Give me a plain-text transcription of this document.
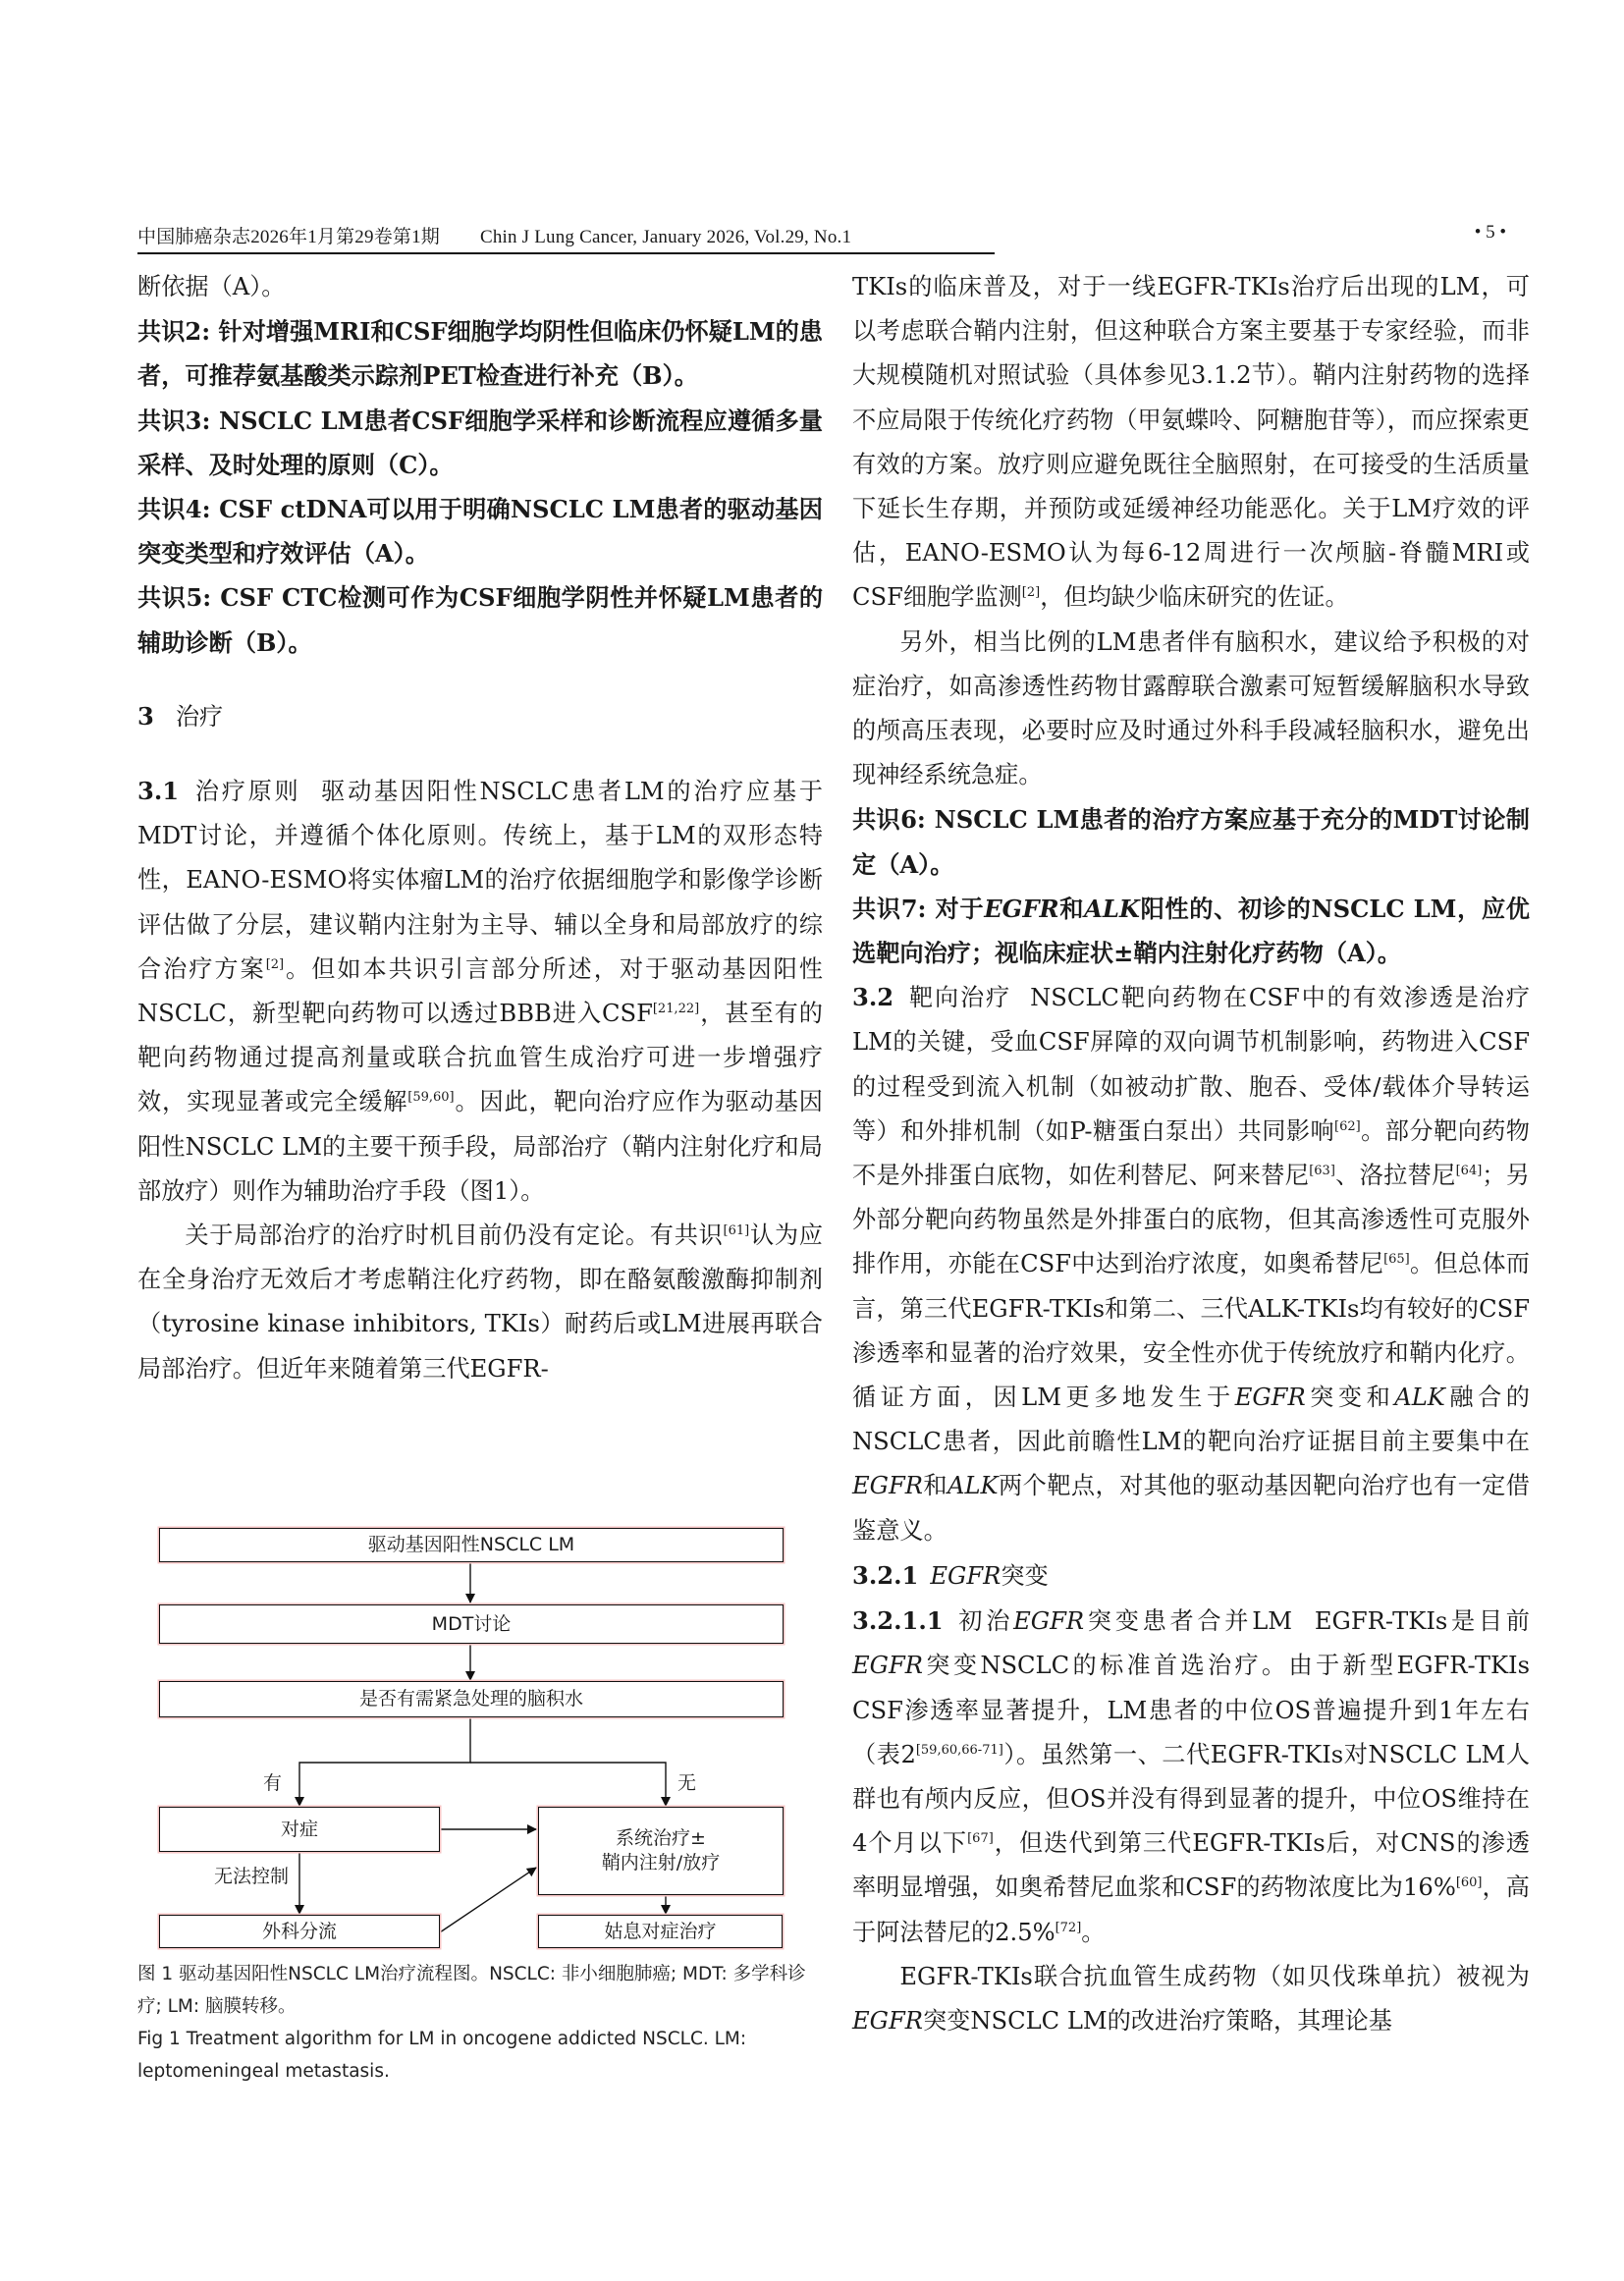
中国肺癌杂志2026年1月第29卷第1期 Chin J Lung Cancer, January 2026, Vol.29, No.1	• 5 •

断依据（A）。

共识2: 针对增强MRI和CSF细胞学均阴性但临床仍怀疑LM的患者，可推荐氨基酸类示踪剂PET检查进行补充（B）。

共识3: NSCLC LM患者CSF细胞学采样和诊断流程应遵循多量采样、及时处理的原则（C）。

共识4: CSF ctDNA可以用于明确NSCLC LM患者的驱动基因突变类型和疗效评估（A）。

共识5: CSF CTC检测可作为CSF细胞学阴性并怀疑LM患者的辅助诊断（B）。

3 治疗

3.1 治疗原则 驱动基因阳性NSCLC患者LM的治疗应基于MDT讨论，并遵循个体化原则。传统上，基于LM的双形态特性，EANO-ESMO将实体瘤LM的治疗依据细胞学和影像学诊断评估做了分层，建议鞘内注射为主导、辅以全身和局部放疗的综合治疗方案[2]。但如本共识引言部分所述，对于驱动基因阳性NSCLC，新型靶向药物可以透过BBB进入CSF[21,22]，甚至有的靶向药物通过提高剂量或联合抗血管生成治疗可进一步增强疗效，实现显著或完全缓解[59,60]。因此，靶向治疗应作为驱动基因阳性NSCLC LM的主要干预手段，局部治疗（鞘内注射化疗和局部放疗）则作为辅助治疗手段（图1）。

关于局部治疗的治疗时机目前仍没有定论。有共识[61]认为应在全身治疗无效后才考虑鞘注化疗药物，即在酪氨酸激酶抑制剂（tyrosine kinase inhibitors, TKIs）耐药后或LM进展再联合局部治疗。但近年来随着第三代EGFR-

驱动基因阳性NSCLC LM
MDT讨论
是否有需紧急处理的脑积水
有	无
对症	系统治疗±
鞘内注射/放疗
无法控制
外科分流	姑息对症治疗

图 1 驱动基因阳性NSCLC LM治疗流程图。NSCLC: 非小细胞肺癌; MDT: 多学科诊疗; LM: 脑膜转移。

Fig 1 Treatment algorithm for LM in oncogene addicted NSCLC. LM: leptomeningeal metastasis.

TKIs的临床普及，对于一线EGFR-TKIs治疗后出现的LM，可以考虑联合鞘内注射，但这种联合方案主要基于专家经验，而非大规模随机对照试验（具体参见3.1.2节）。鞘内注射药物的选择不应局限于传统化疗药物（甲氨蝶呤、阿糖胞苷等），而应探索更有效的方案。放疗则应避免既往全脑照射，在可接受的生活质量下延长生存期，并预防或延缓神经功能恶化。关于LM疗效的评估，EANO-ESMO认为每6-12周进行一次颅脑-脊髓MRI或CSF细胞学监测[2]，但均缺少临床研究的佐证。

另外，相当比例的LM患者伴有脑积水，建议给予积极的对症治疗，如高渗透性药物甘露醇联合激素可短暂缓解脑积水导致的颅高压表现，必要时应及时通过外科手段减轻脑积水，避免出现神经系统急症。

共识6: NSCLC LM患者的治疗方案应基于充分的MDT讨论制定（A）。

共识7: 对于EGFR和ALK阳性的、初诊的NSCLC LM，应优选靶向治疗；视临床症状±鞘内注射化疗药物（A）。

3.2 靶向治疗 NSCLC靶向药物在CSF中的有效渗透是治疗LM的关键，受血CSF屏障的双向调节机制影响，药物进入CSF的过程受到流入机制（如被动扩散、胞吞、受体/载体介导转运等）和外排机制（如P-糖蛋白泵出）共同影响[62]。部分靶向药物不是外排蛋白底物，如佐利替尼、阿来替尼[63]、洛拉替尼[64]；另外部分靶向药物虽然是外排蛋白的底物，但其高渗透性可克服外排作用，亦能在CSF中达到治疗浓度，如奥希替尼[65]。但总体而言，第三代EGFR-TKIs和第二、三代ALK-TKIs均有较好的CSF渗透率和显著的治疗效果，安全性亦优于传统放疗和鞘内化疗。循证方面，因LM更多地发生于EGFR突变和ALK融合的NSCLC患者，因此前瞻性LM的靶向治疗证据目前主要集中在EGFR和ALK两个靶点，对其他的驱动基因靶向治疗也有一定借鉴意义。

3.2.1 EGFR突变

3.2.1.1 初治EGFR突变患者合并LM EGFR-TKIs是目前EGFR突变NSCLC的标准首选治疗。由于新型EGFR-TKIs CSF渗透率显著提升，LM患者的中位OS普遍提升到1年左右（表2[59,60,66-71]）。虽然第一、二代EGFR-TKIs对NSCLC LM人群也有颅内反应，但OS并没有得到显著的提升，中位OS维持在4个月以下[67]，但迭代到第三代EGFR-TKIs后，对CNS的渗透率明显增强，如奥希替尼血浆和CSF的药物浓度比为16%[60]，高于阿法替尼的2.5%[72]。

EGFR-TKIs联合抗血管生成药物（如贝伐珠单抗）被视为EGFR突变NSCLC LM的改进治疗策略，其理论基
